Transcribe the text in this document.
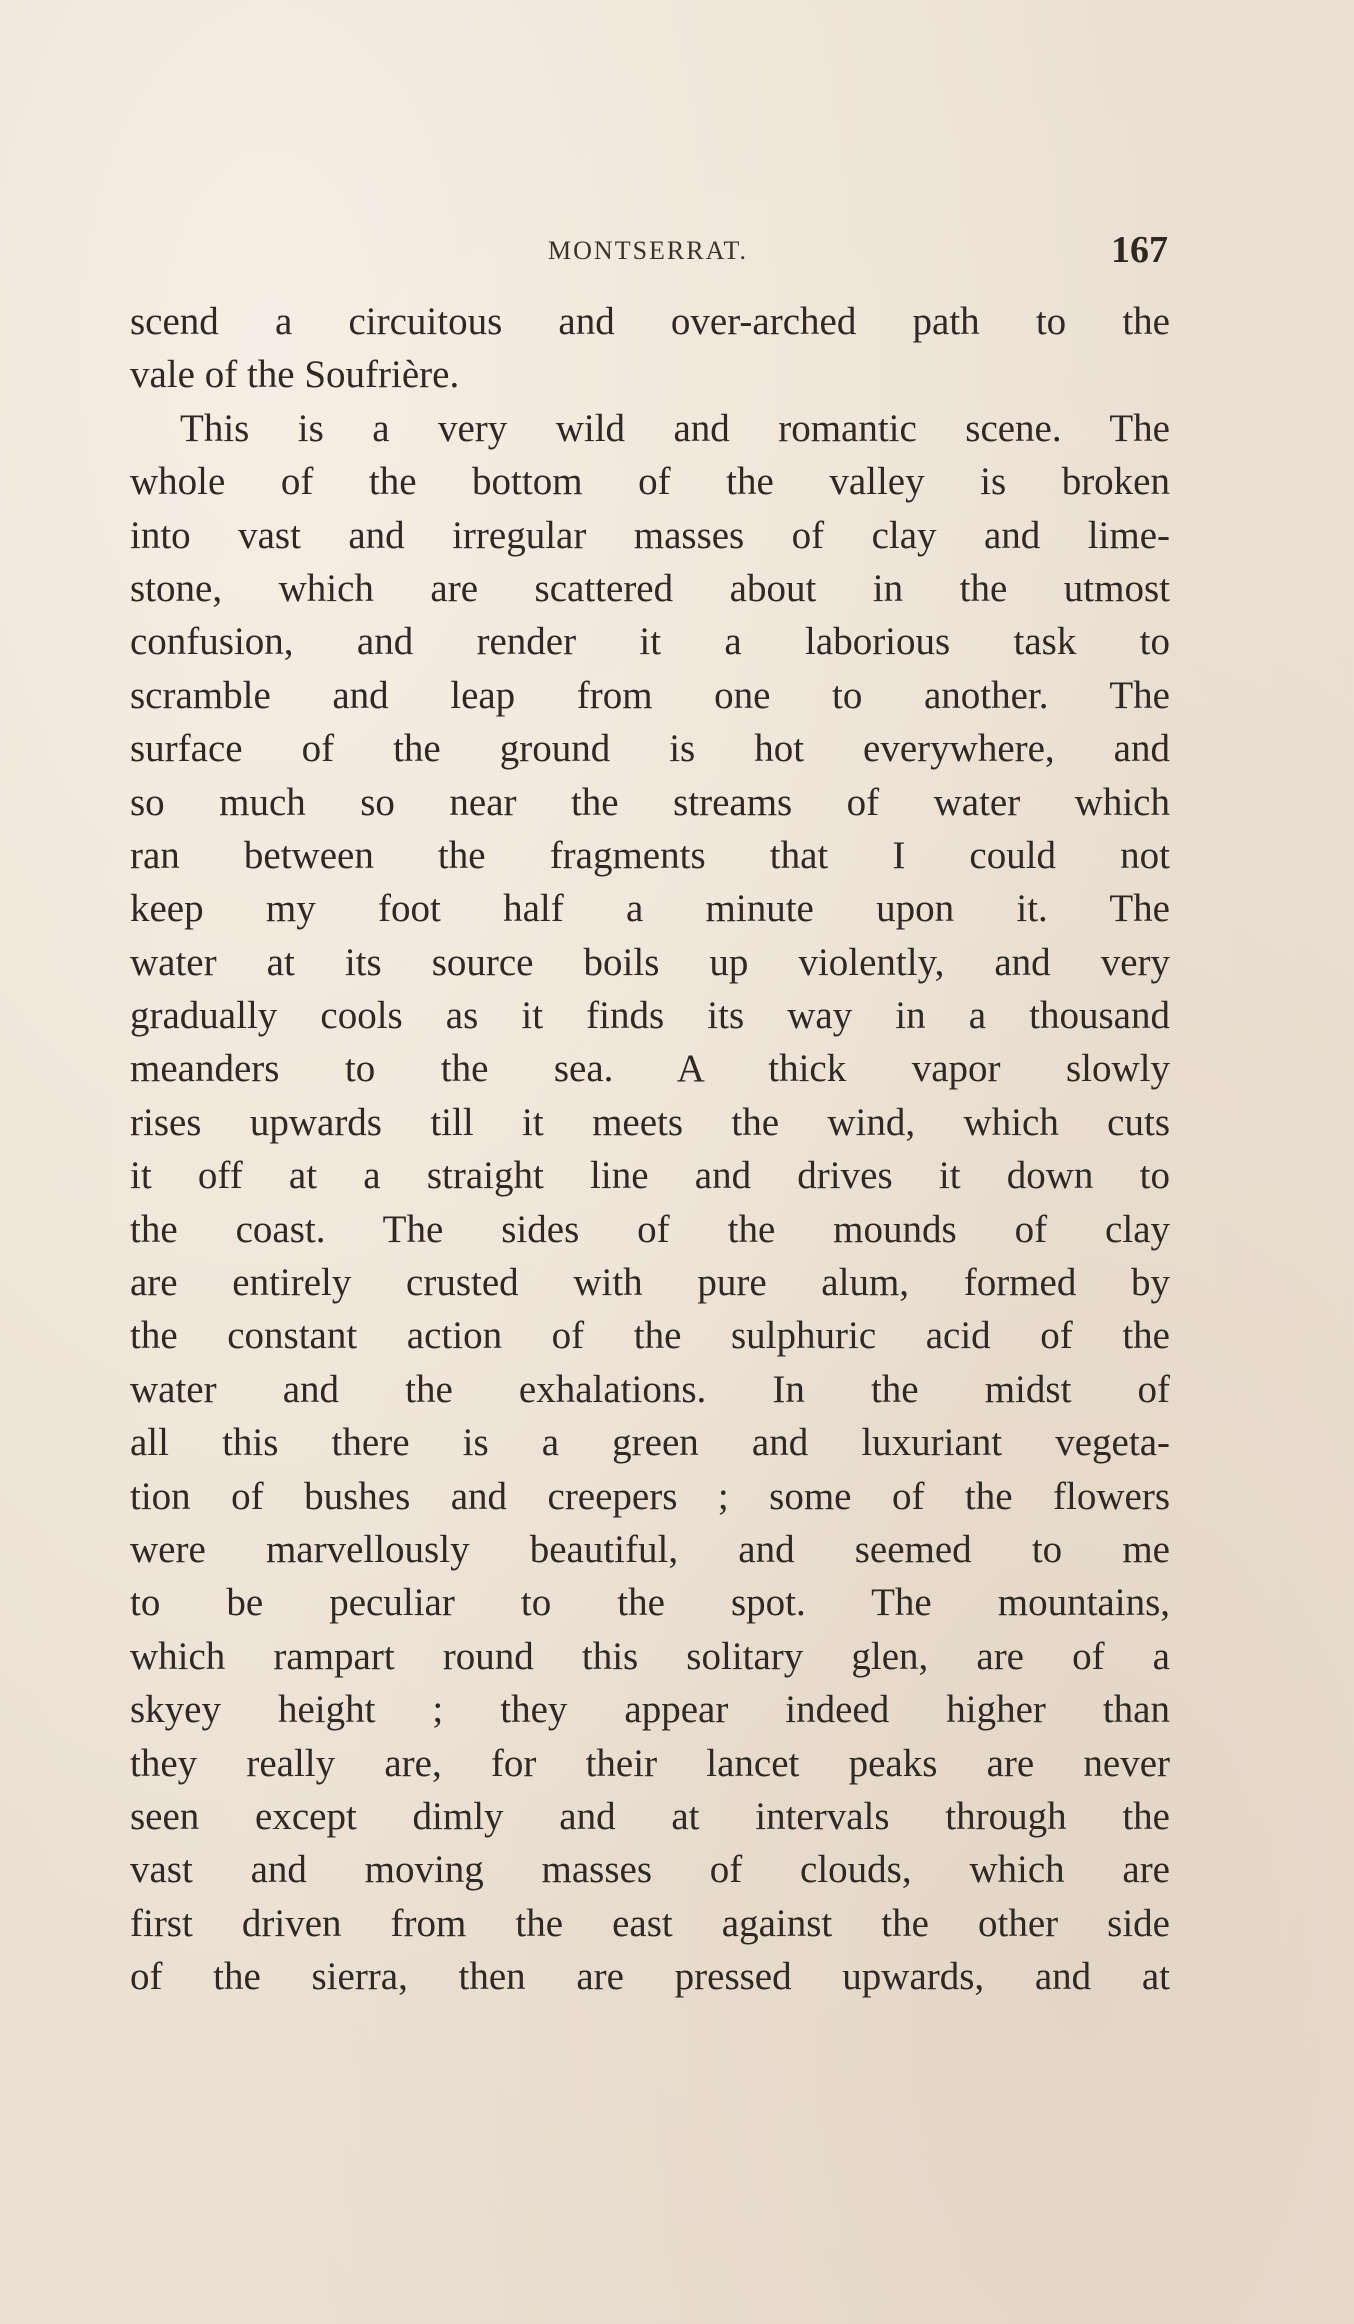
MONTSERRAT.	167
scend a circuitous and over-arched path to the
vale of the Soufrière.
This is a very wild and romantic scene. The
whole of the bottom of the valley is broken
into vast and irregular masses of clay and lime-
stone, which are scattered about in the utmost
confusion, and render it a laborious task to
scramble and leap from one to another. The
surface of the ground is hot everywhere, and
so much so near the streams of water which
ran between the fragments that I could not
keep my foot half a minute upon it. The
water at its source boils up violently, and very
gradually cools as it finds its way in a thousand
meanders to the sea. A thick vapor slowly
rises upwards till it meets the wind, which cuts
it off at a straight line and drives it down to
the coast. The sides of the mounds of clay
are entirely crusted with pure alum, formed by
the constant action of the sulphuric acid of the
water and the exhalations. In the midst of
all this there is a green and luxuriant vegeta-
tion of bushes and creepers ; some of the flowers
were marvellously beautiful, and seemed to me
to be peculiar to the spot. The mountains,
which rampart round this solitary glen, are of a
skyey height ; they appear indeed higher than
they really are, for their lancet peaks are never
seen except dimly and at intervals through the
vast and moving masses of clouds, which are
first driven from the east against the other side
of the sierra, then are pressed upwards, and at
